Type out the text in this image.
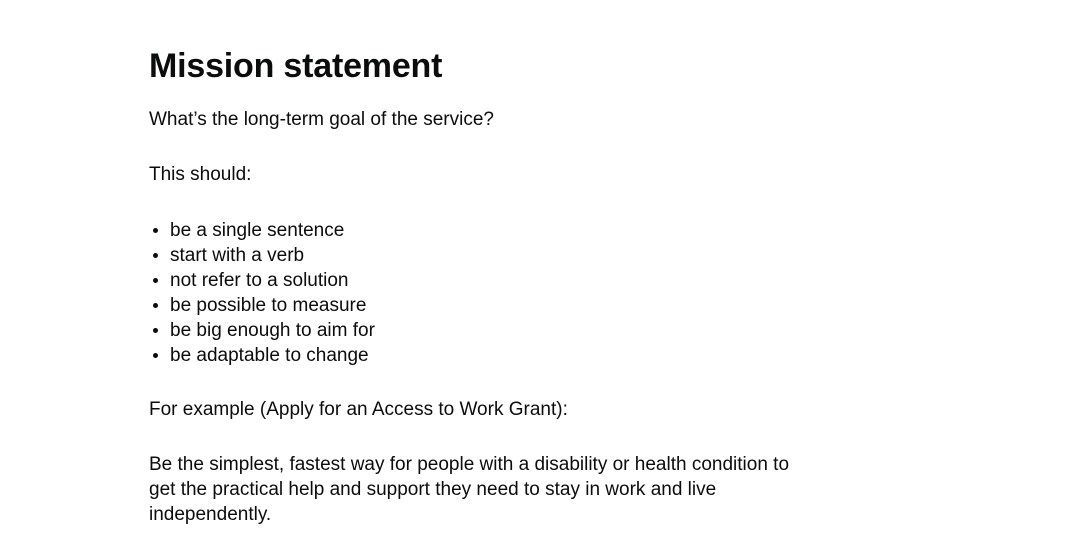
Mission statement

What’s the long-term goal of the service?

This should:

be a single sentence
start with a verb
not refer to a solution
be possible to measure
be big enough to aim for
be adaptable to change

For example (Apply for an Access to Work Grant):

Be the simplest, fastest way for people with a disability or health condition to get the practical help and support they need to stay in work and live independently.
